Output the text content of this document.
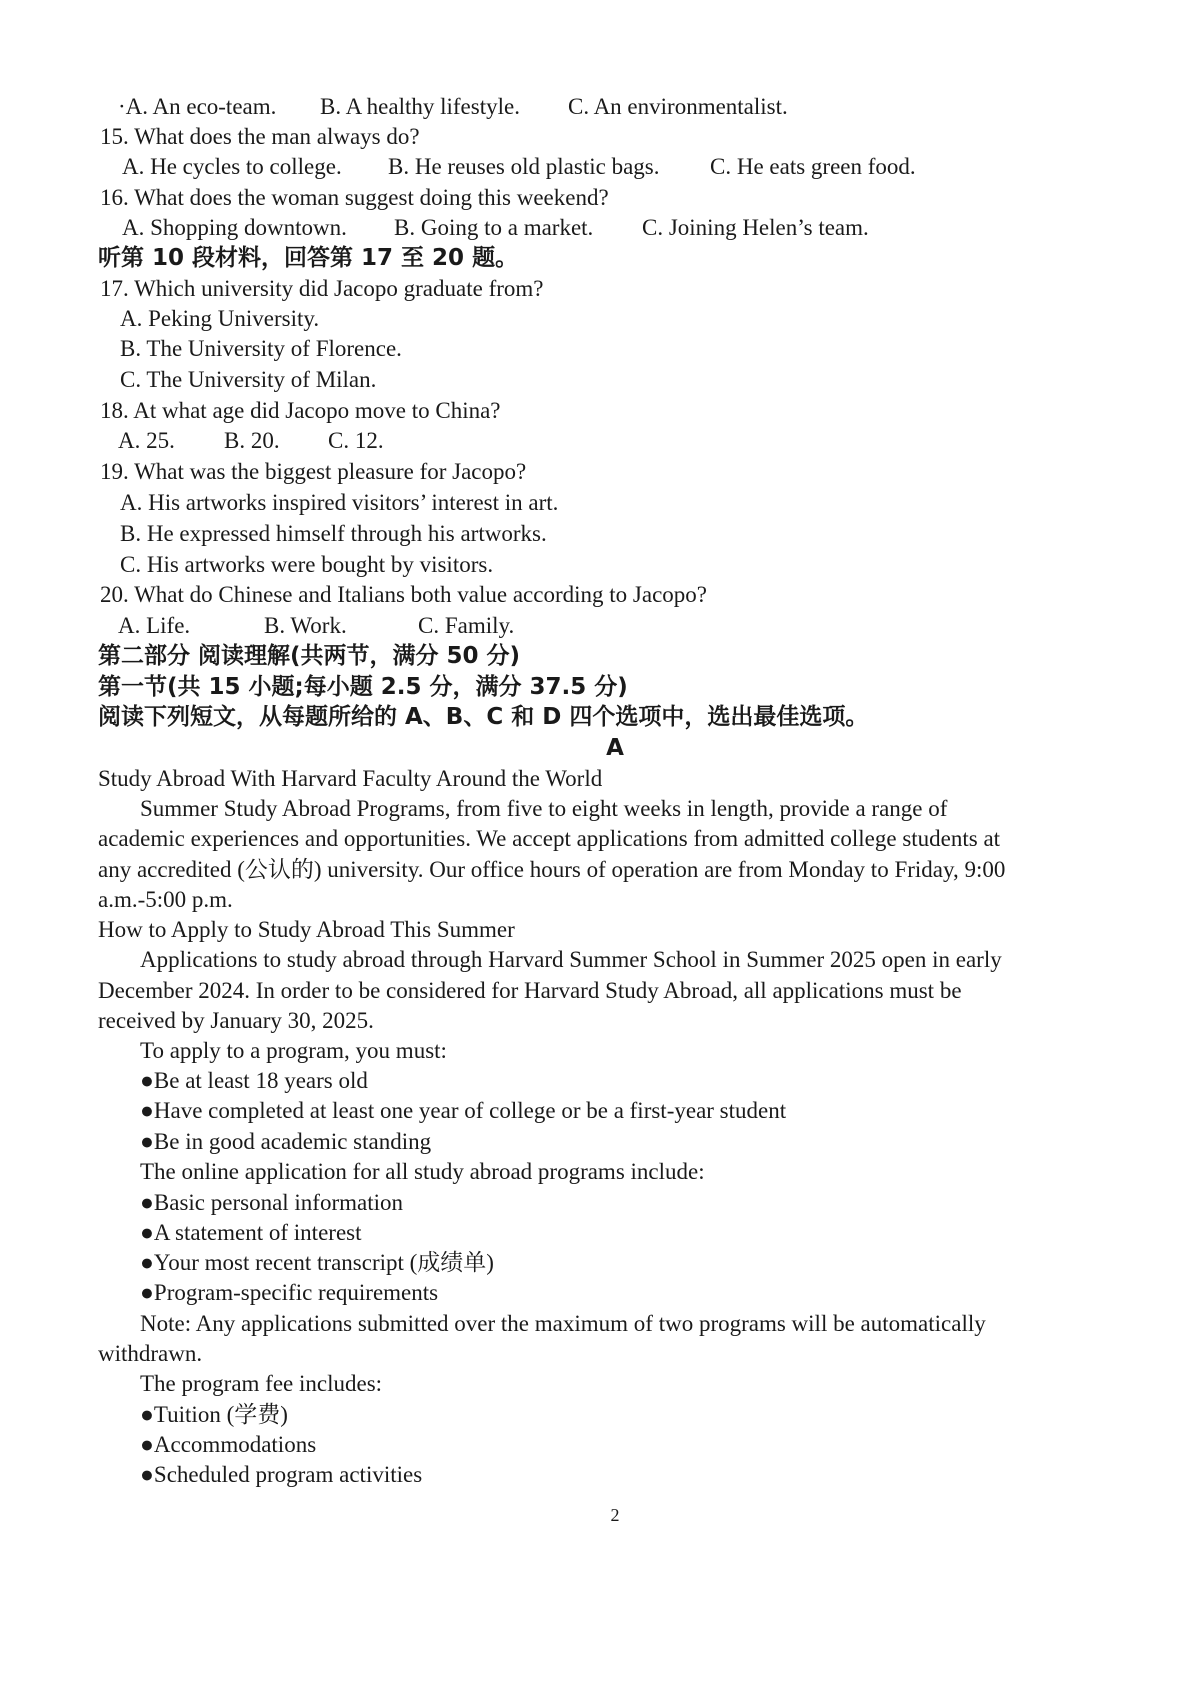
·A. An eco-team. B. A healthy lifestyle. C. An environmentalist.
15. What does the man always do?
A. He cycles to college. B. He reuses old plastic bags. C. He eats green food.
16. What does the woman suggest doing this weekend?
A. Shopping downtown. B. Going to a market. C. Joining Helen’s team.
听第 10 段材料，回答第 17 至 20 题。
17. Which university did Jacopo graduate from?
A. Peking University.
B. The University of Florence.
C. The University of Milan.
18. At what age did Jacopo move to China?
A. 25. B. 20. C. 12.
19. What was the biggest pleasure for Jacopo?
A. His artworks inspired visitors’ interest in art.
B. He expressed himself through his artworks.
C. His artworks were bought by visitors.
20. What do Chinese and Italians both value according to Jacopo?
A. Life.	B. Work.	C. Family.
第二部分 阅读理解(共两节，满分 50 分)
第一节(共 15 小题;每小题 2.5 分，满分 37.5 分)
阅读下列短文，从每题所给的 A、B、C 和 D 四个选项中，选出最佳选项。
A
Study Abroad With Harvard Faculty Around the World
Summer Study Abroad Programs, from five to eight weeks in length, provide a range of
academic experiences and opportunities. We accept applications from admitted college students at
any accredited (公认的) university. Our office hours of operation are from Monday to Friday, 9:00
a.m.-5:00 p.m.
How to Apply to Study Abroad This Summer
Applications to study abroad through Harvard Summer School in Summer 2025 open in early
December 2024. In order to be considered for Harvard Study Abroad, all applications must be
received by January 30, 2025.
To apply to a program, you must:
●Be at least 18 years old
●Have completed at least one year of college or be a first-year student
●Be in good academic standing
The online application for all study abroad programs include:
●Basic personal information
●A statement of interest
●Your most recent transcript (成绩单)
●Program-specific requirements
Note: Any applications submitted over the maximum of two programs will be automatically
withdrawn.
The program fee includes:
●Tuition (学费)
●Accommodations
●Scheduled program activities
2
